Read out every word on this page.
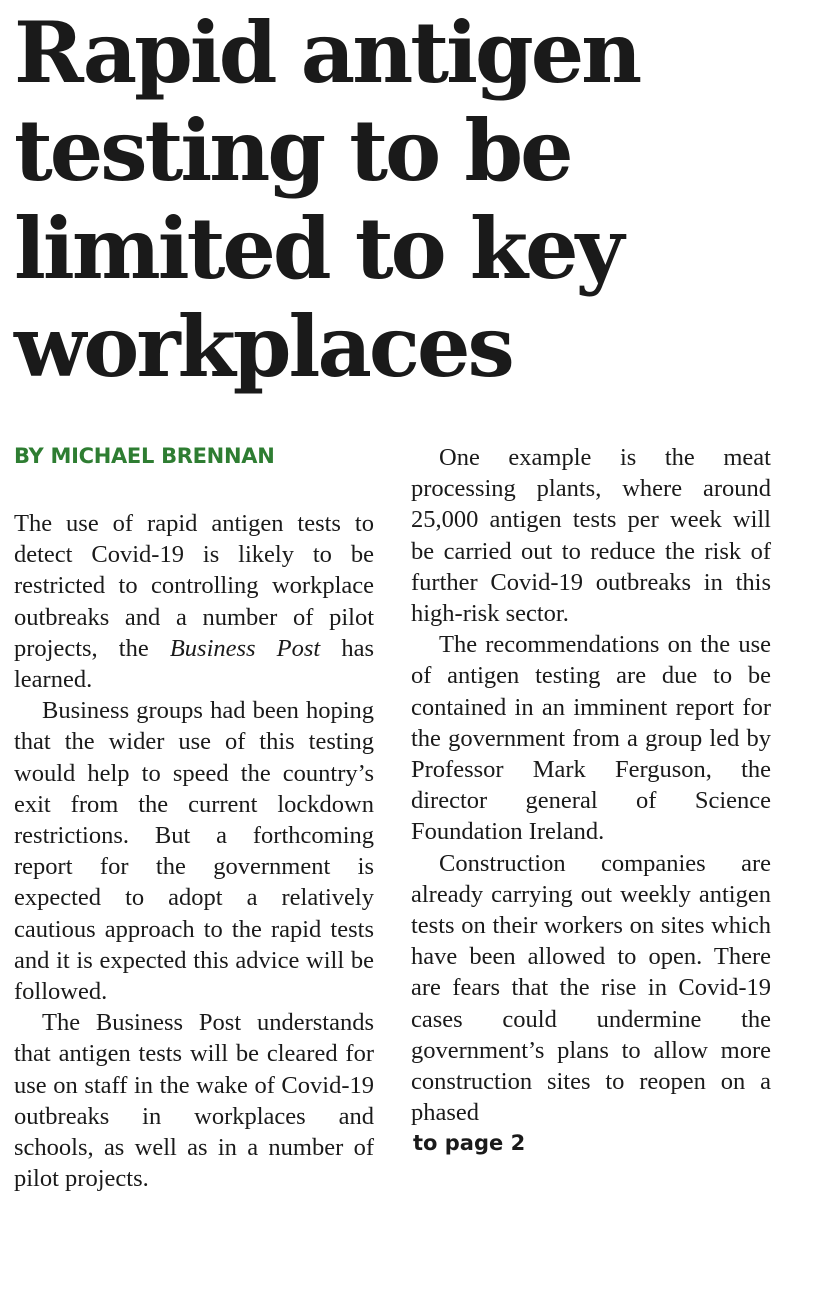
Rapid antigen
testing to be
limited to key
workplaces
BY MICHAEL BRENNAN

The use of rapid antigen tests to detect Covid-19 is likely to be restricted to controlling workplace outbreaks and a number of pilot projects, the Business Post has learned.

Business groups had been hoping that the wider use of this testing would help to speed the country’s exit from the current lockdown restrictions. But a forthcoming report for the government is expected to adopt a relatively cautious approach to the rapid tests and it is expected this advice will be followed.

The Business Post understands that antigen tests will be cleared for use on staff in the wake of Covid-19 outbreaks in workplaces and schools, as well as in a number of pilot projects.

One example is the meat processing plants, where around 25,000 antigen tests per week will be carried out to reduce the risk of further Covid-19 outbreaks in this high-risk sector.

The recommendations on the use of antigen testing are due to be contained in an imminent report for the government from a group led by Professor Mark Ferguson, the director general of Science Foundation Ireland.

Construction companies are already carrying out weekly antigen tests on their workers on sites which have been allowed to open. There are fears that the rise in Covid-19 cases could undermine the government’s plans to allow more construction sites to reopen on a phased

to page 2
